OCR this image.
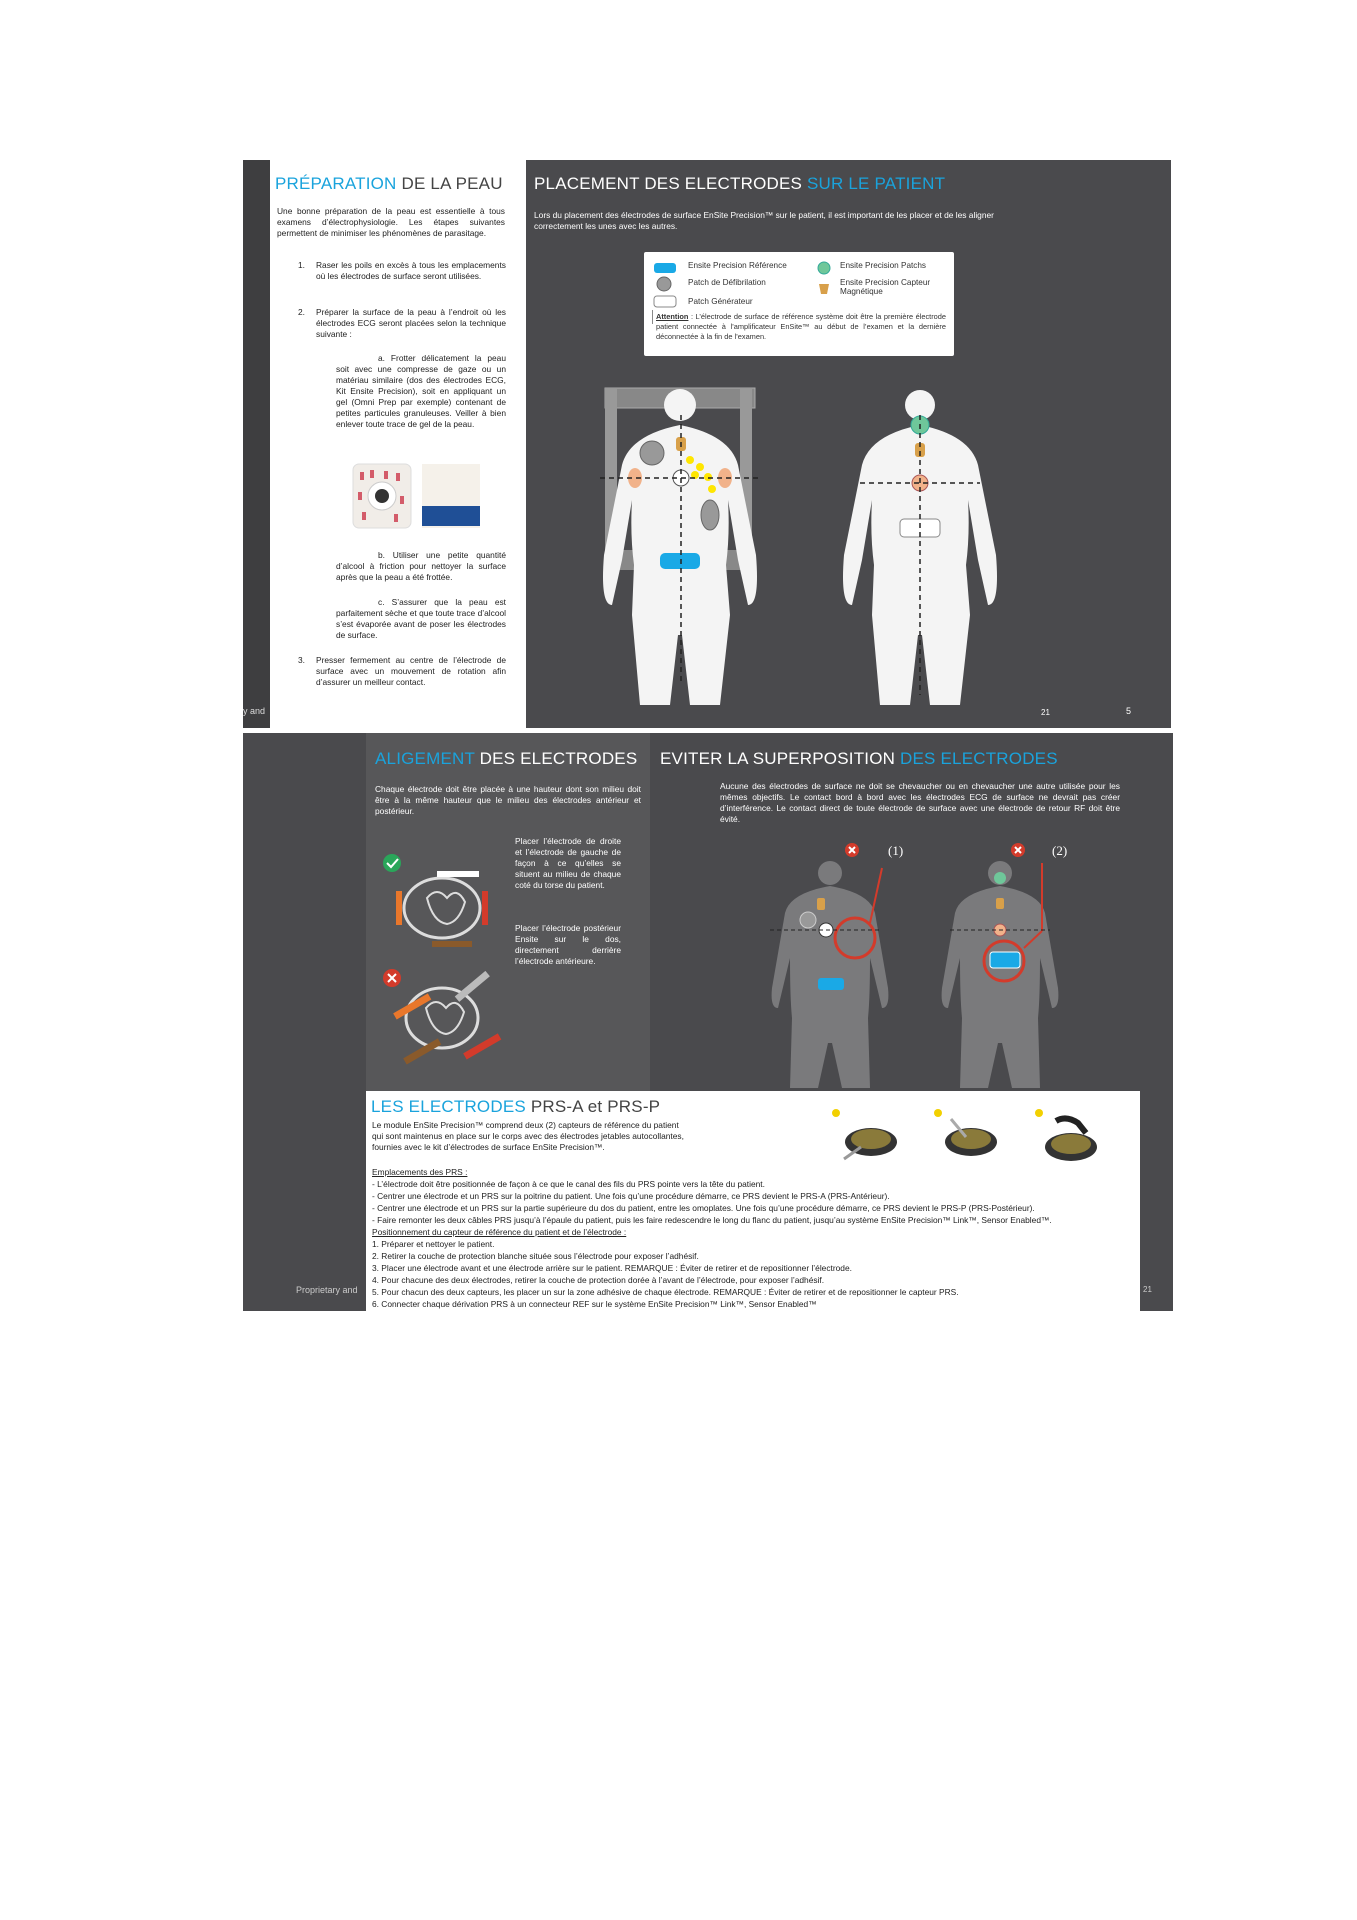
y and
PRÉPARATION DE LA PEAU
Une bonne préparation de la peau est essentielle à tous examens d’électrophysiologie. Les étapes suivantes permettent de minimiser les phénomènes de parasitage.
1.	Raser les poils en excès à tous les emplacements où les électrodes de surface seront utilisées.
2.	Préparer la surface de la peau à l’endroit où les électrodes ECG seront placées selon la technique suivante :
a. Frotter délicatement la peau soit avec une compresse de gaze ou un matériau similaire (dos des électrodes ECG, Kit Ensite Precision), soit en appliquant un gel (Omni Prep par exemple) contenant de petites particules granuleuses. Veiller à bien enlever toute trace de gel de la peau.
b. Utiliser une petite quantité d’alcool à friction pour nettoyer la surface après que la peau a été frottée.
c. S’assurer que la peau est parfaitement sèche et que toute trace d’alcool s’est évaporée avant de poser les électrodes de surface.
3.	Presser fermement au centre de l’électrode de surface avec un mouvement de rotation afin d’assurer un meilleur contact.
PLACEMENT DES ELECTRODES SUR LE PATIENT
Lors du placement des électrodes de surface EnSite Precision™ sur le patient, il est important de les placer et de les aligner correctement les unes avec les autres.
21	5
Ensite Precision Référence
Patch de Défibrilation
Patch Générateur
Ensite Precision Patchs
Ensite Precision Capteur Magnétique
Attention : L’électrode de surface de référence système doit être la première électrode patient connectée à l’amplificateur EnSite™ au début de l’examen et la dernière déconnectée à la fin de l’examen.
Proprietary and	21
ALIGEMENT DES ELECTRODES
Chaque électrode doit être placée à une hauteur dont son milieu doit être à la même hauteur que le milieu des électrodes antérieur et postérieur.
Placer l’électrode de droite et l’électrode de gauche de façon à ce qu’elles se situent au milieu de chaque coté du torse du patient.
Placer l’électrode postérieur Ensite sur le dos, directement derrière l’électrode antérieure.
EVITER LA SUPERPOSITION DES ELECTRODES
Aucune des électrodes de surface ne doit se chevaucher ou en chevaucher une autre utilisée pour les mêmes objectifs. Le contact bord à bord avec les électrodes ECG de surface ne devrait pas créer d’interférence. Le contact direct de toute électrode de surface avec une électrode de retour RF doit être évité.
(1)	(2)
LES ELECTRODES PRS-A et PRS-P
Le module EnSite Precision™ comprend deux (2) capteurs de référence du patient
qui sont maintenus en place sur le corps avec des électrodes jetables autocollantes,
fournies avec le kit d’électrodes de surface EnSite Precision™.
Emplacements des PRS :
- L’électrode doit être positionnée de façon à ce que le canal des fils du PRS pointe vers la tête du patient.
- Centrer une électrode et un PRS sur la poitrine du patient. Une fois qu’une procédure démarre, ce PRS devient le PRS-A (PRS-Antérieur).
- Centrer une électrode et un PRS sur la partie supérieure du dos du patient, entre les omoplates. Une fois qu’une procédure démarre, ce PRS devient le PRS-P (PRS-Postérieur).
- Faire remonter les deux câbles PRS jusqu’à l’épaule du patient, puis les faire redescendre le long du flanc du patient, jusqu’au système EnSite Precision™ Link™, Sensor Enabled™.
Positionnement du capteur de référence du patient et de l’électrode :
1. Préparer et nettoyer le patient.
2. Retirer la couche de protection blanche située sous l’électrode pour exposer l’adhésif.
3. Placer une électrode avant et une électrode arrière sur le patient. REMARQUE : Éviter de retirer et de repositionner l’électrode.
4. Pour chacune des deux électrodes, retirer la couche de protection dorée à l’avant de l’électrode, pour exposer l’adhésif.
5. Pour chacun des deux capteurs, les placer un sur la zone adhésive de chaque électrode. REMARQUE : Éviter de retirer et de repositionner le capteur PRS.
6. Connecter chaque dérivation PRS à un connecteur REF sur le système EnSite Precision™ Link™, Sensor Enabled™
